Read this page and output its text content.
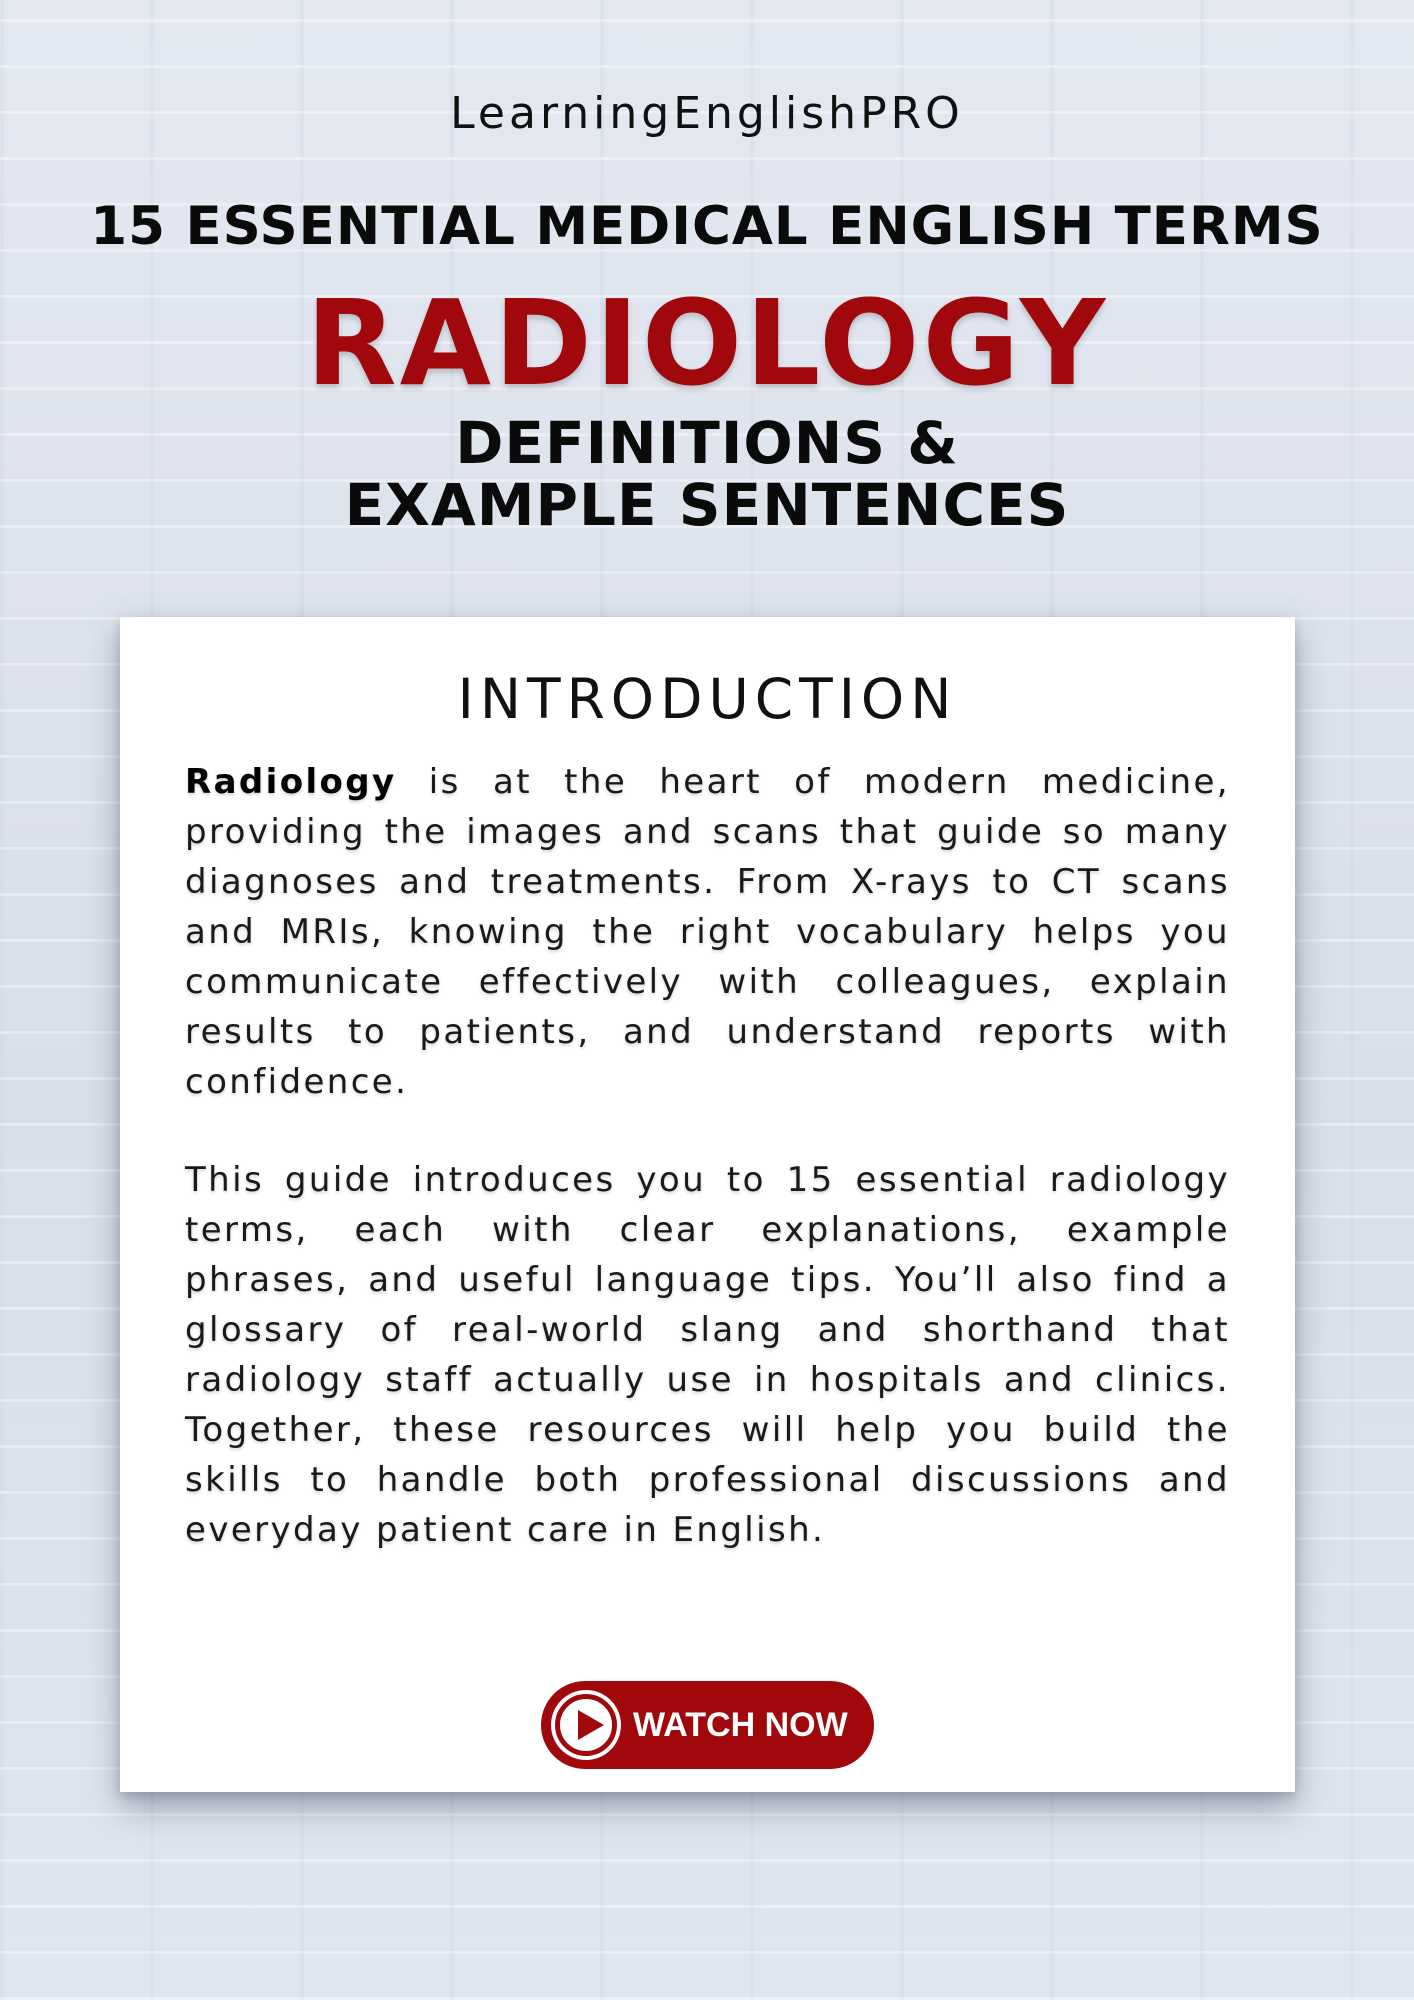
LearningEnglishPRO
15 ESSENTIAL MEDICAL ENGLISH TERMS
RADIOLOGY
DEFINITIONS &
EXAMPLE SENTENCES
INTRODUCTION

Radiology is at the heart of modern medicine, providing the images and scans that guide so many diagnoses and treatments. From X-rays to CT scans and MRIs, knowing the right vocabulary helps you communicate effectively with colleagues, explain results to patients, and understand reports with confidence.

This guide introduces you to 15 essential radiology terms, each with clear explanations, example phrases, and useful language tips. You’ll also find a glossary of real-world slang and shorthand that radiology staff actually use in hospitals and clinics. Together, these resources will help you build the skills to handle both professional discussions and everyday patient care in English.

WATCH NOW
